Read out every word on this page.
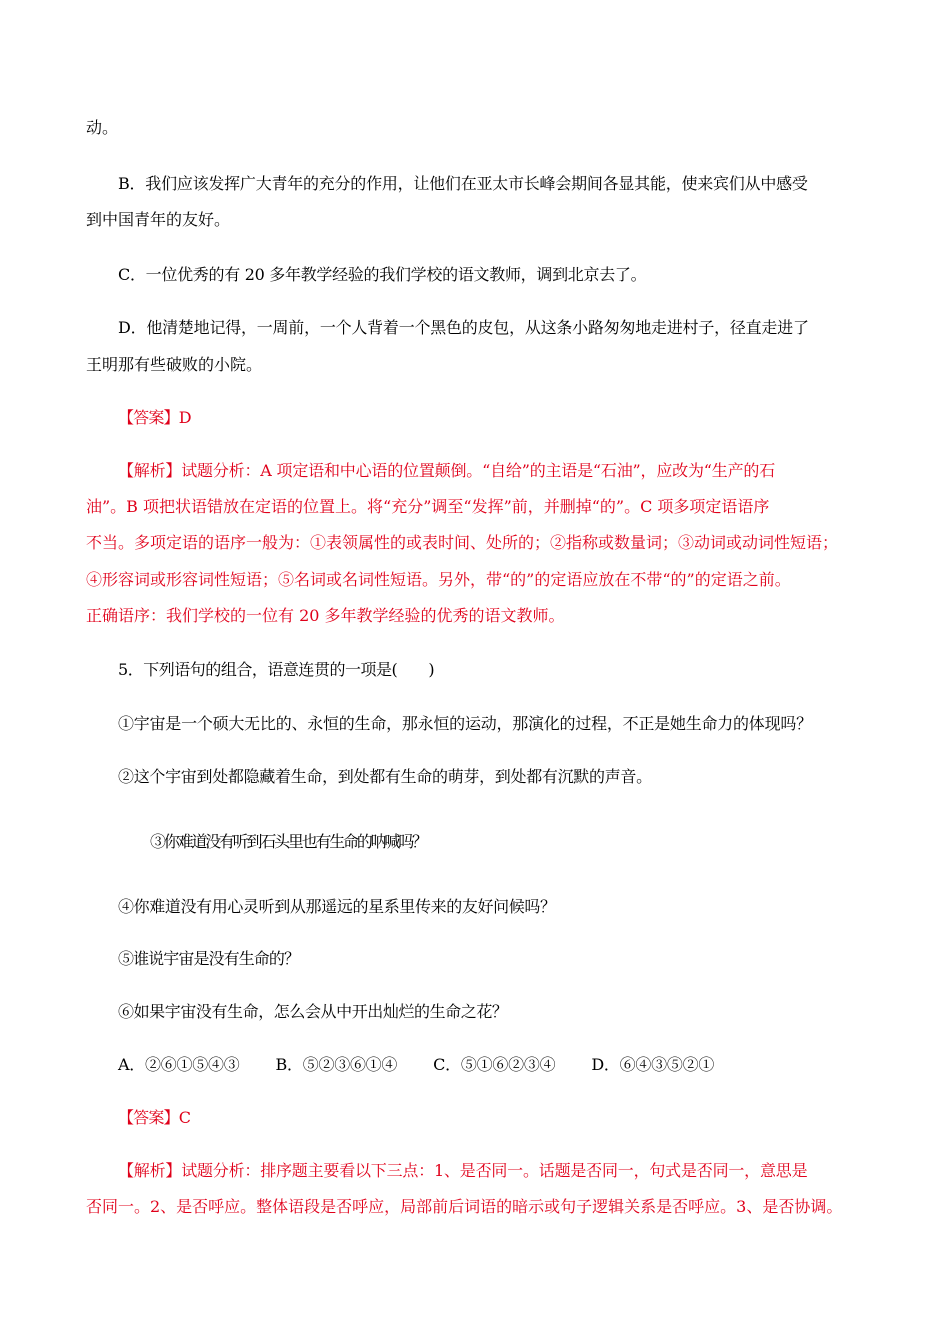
动。
B．我们应该发挥广大青年的充分的作用，让他们在亚太市长峰会期间各显其能，使来宾们从中感受
到中国青年的友好。
C．一位优秀的有 20 多年教学经验的我们学校的语文教师，调到北京去了。
D．他清楚地记得，一周前，一个人背着一个黑色的皮包，从这条小路匆匆地走进村子，径直走进了
王明那有些破败的小院。
【答案】D
【解析】试题分析：A 项定语和中心语的位置颠倒。“自给”的主语是“石油”，应改为“生产的石
油”。B 项把状语错放在定语的位置上。将“充分”调至“发挥”前，并删掉“的”。C 项多项定语语序
不当。多项定语的语序一般为：①表领属性的或表时间、处所的；②指称或数量词；③动词或动词性短语；
④形容词或形容词性短语；⑤名词或名词性短语。另外，带“的”的定语应放在不带“的”的定语之前。
正确语序：我们学校的一位有 20 多年教学经验的优秀的语文教师。
5．下列语句的组合，语意连贯的一项是(　　)
①宇宙是一个硕大无比的、永恒的生命，那永恒的运动，那演化的过程，不正是她生命力的体现吗？
②这个宇宙到处都隐藏着生命，到处都有生命的萌芽，到处都有沉默的声音。
③你难道没有听到石头里也有生命的呐喊吗？
④你难道没有用心灵听到从那遥远的星系里传来的友好问候吗？
⑤谁说宇宙是没有生命的？
⑥如果宇宙没有生命，怎么会从中开出灿烂的生命之花？
A．②⑥①⑤④③ B．⑤②③⑥①④ C．⑤①⑥②③④ D．⑥④③⑤②①
【答案】C
【解析】试题分析：排序题主要看以下三点：1、是否同一。话题是否同一，句式是否同一，意思是
否同一。2、是否呼应。整体语段是否呼应，局部前后词语的暗示或句子逻辑关系是否呼应。3、是否协调。
